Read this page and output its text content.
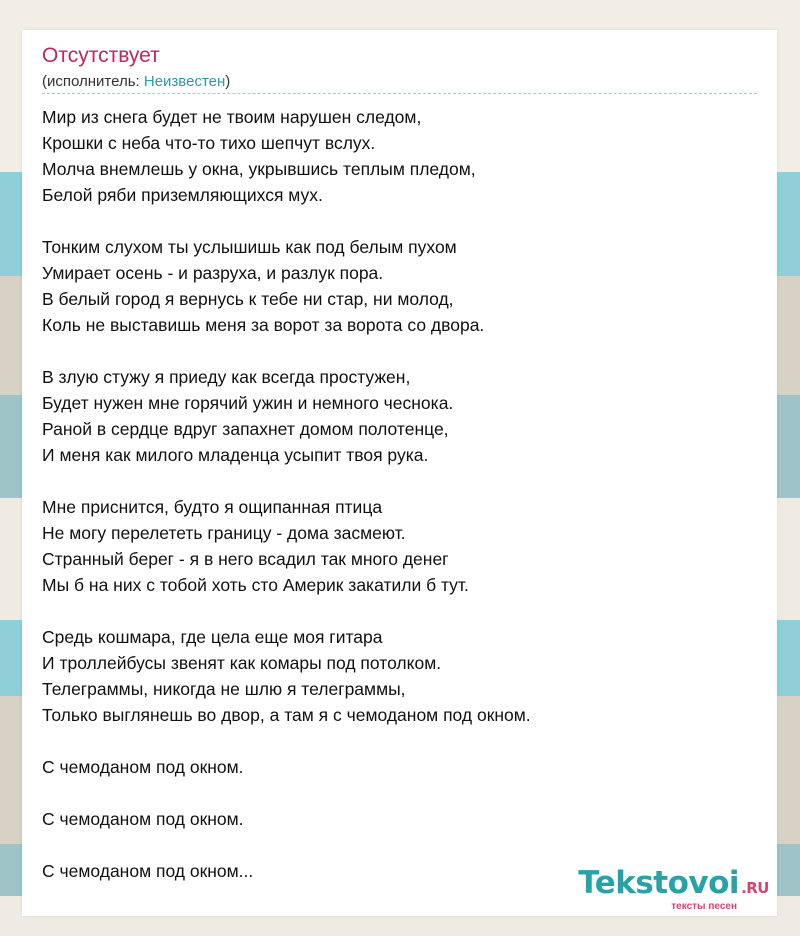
Отсутствует
(исполнитель: Неизвестен)
Мир из снега будет не твоим нарушен следом,
Крошки с неба что-то тихо шепчут вслух.
Молча внемлешь у окна, укрывшись теплым пледом,
Белой ряби приземляющихся мух.
Тонким слухом ты услышишь как под белым пухом
Умирает осень - и разруха, и разлук пора.
В белый город я вернусь к тебе ни стар, ни молод,
Коль не выставишь меня за ворот за ворота со двора.
В злую стужу я приеду как всегда простужен,
Будет нужен мне горячий ужин и немного чеснока.
Раной в сердце вдруг запахнет домом полотенце,
И меня как милого младенца усыпит твоя рука.
Мне приснится, будто я ощипанная птица
Не могу перелететь границу - дома засмеют.
Странный берег - я в него всадил так много денег
Мы б на них с тобой хоть сто Америк закатили б тут.
Средь кошмара, где цела еще моя гитара
И троллейбусы звенят как комары под потолком.
Телеграммы, никогда не шлю я телеграммы,
Только выглянешь во двор, а там я с чемоданом под окном.
С чемоданом под окном.
С чемоданом под окном.
С чемоданом под окном...	Tekstovoi .RU
тексты песен
